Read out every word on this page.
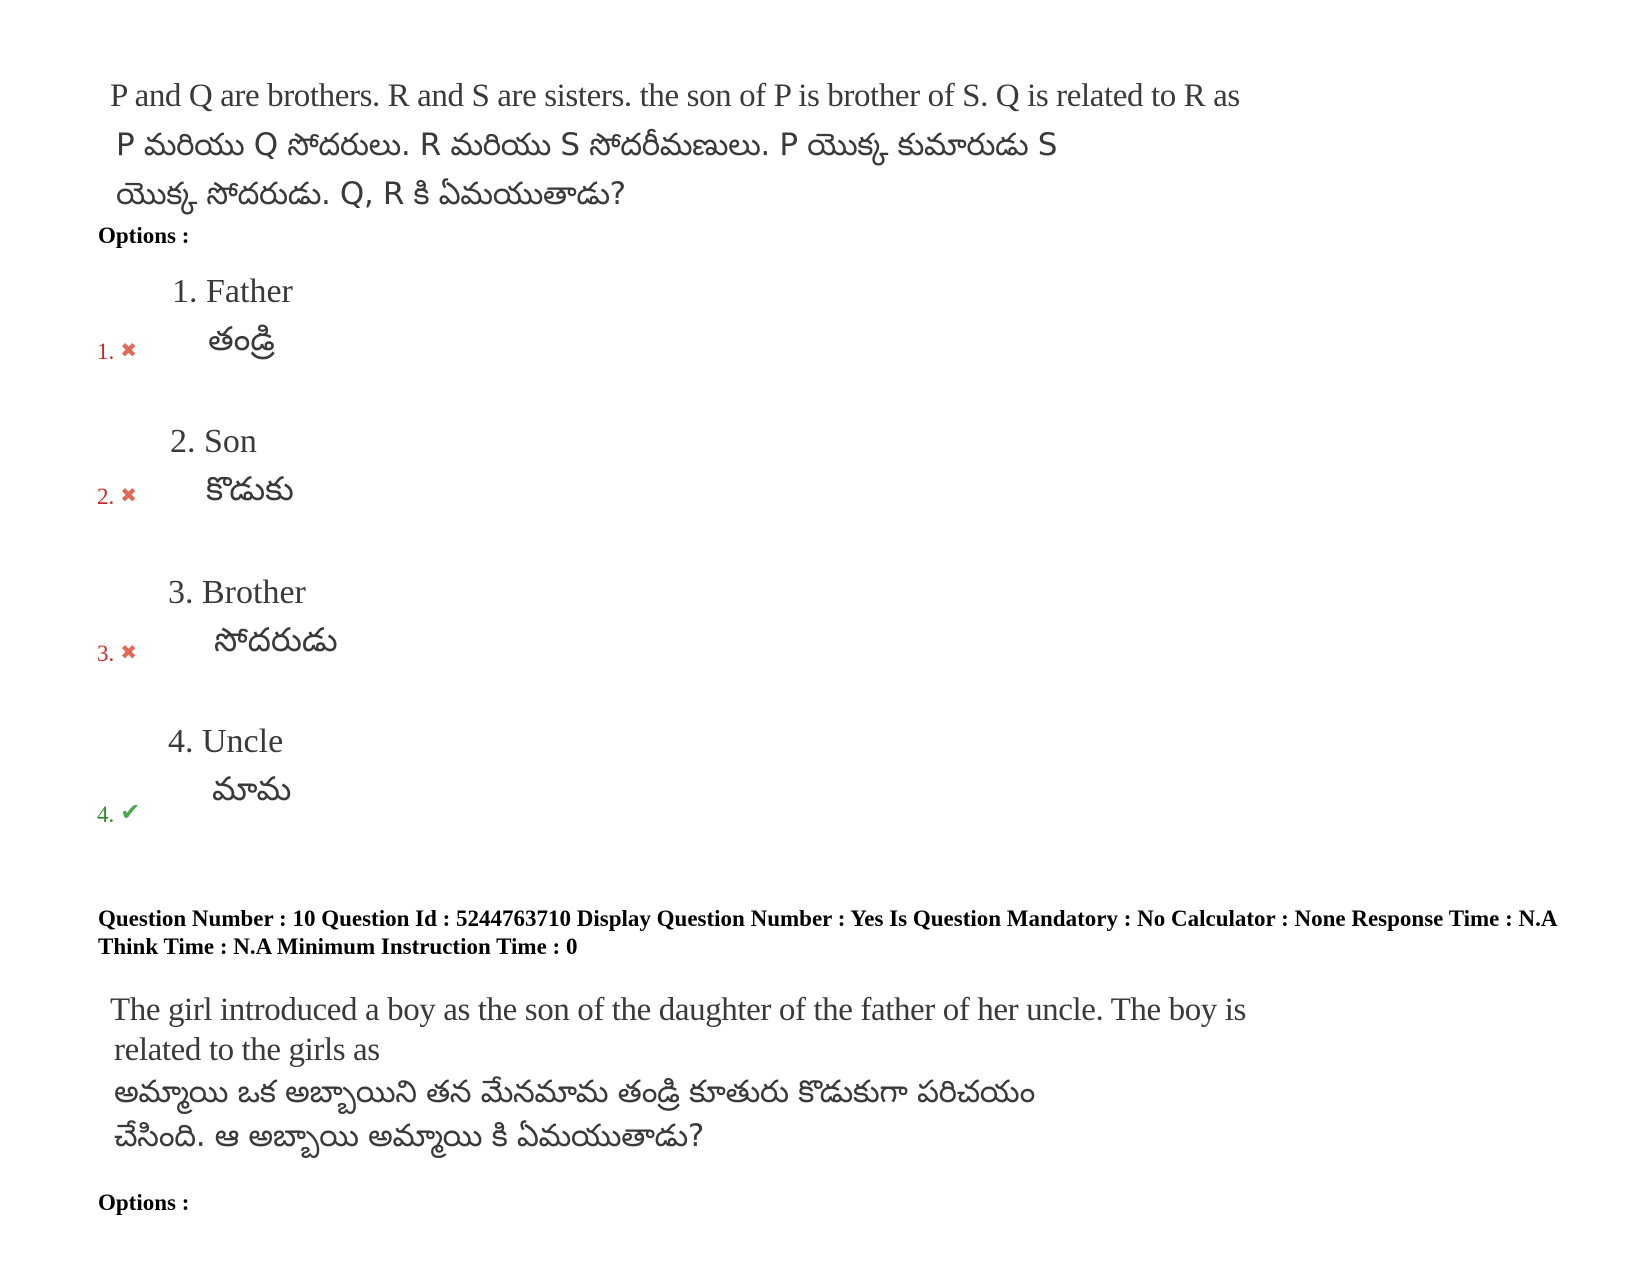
P and Q are brothers. R and S are sisters. the son of P is brother of S. Q is related to R as
P మరియు Q సోదరులు. R మరియు S సోదరీమణులు. P యొక్క కుమారుడు S
యొక్క సోదరుడు. Q, R కి ఏమయుతాడు?
Options :
1. ✖
1. Father
తండ్రి
2. ✖
2. Son
కొడుకు
3. ✖
3. Brother
సోదరుడు
4. ✔
4. Uncle
మామ
Question Number : 10 Question Id : 5244763710 Display Question Number : Yes Is Question Mandatory : No Calculator : None Response Time : N.A Think Time : N.A Minimum Instruction Time : 0
The girl introduced a boy as the son of the daughter of the father of her uncle. The boy is
related to the girls as
అమ్మాయి ఒక అబ్బాయిని తన మేనమామ తండ్రి కూతురు కొడుకుగా పరిచయం
చేసింది. ఆ అబ్బాయి అమ్మాయి కి ఏమయుతాడు?
Options :
